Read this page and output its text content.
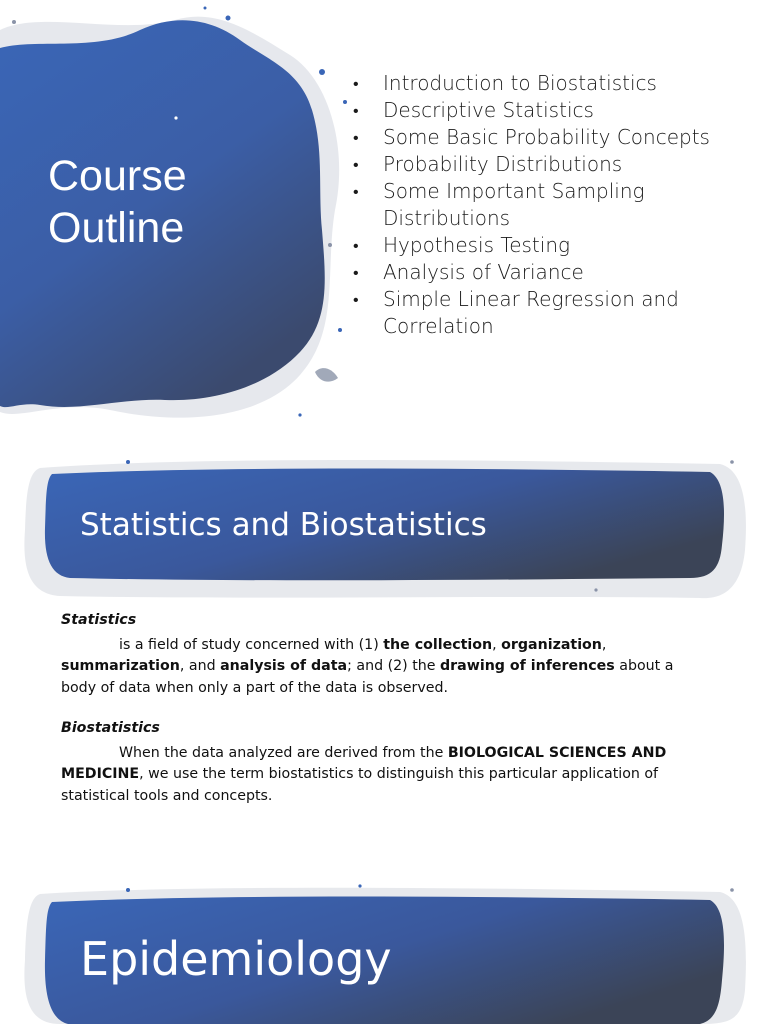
Course Outline
• Introduction to Biostatistics
• Descriptive Statistics
• Some Basic Probability Concepts
• Probability Distributions
• Some Important Sampling Distributions
• Hypothesis Testing
• Analysis of Variance
• Simple Linear Regression and Correlation
Statistics and Biostatistics
Statistics
is a field of study concerned with (1) the collection, organization, summarization, and analysis of data; and (2) the drawing of inferences about a body of data when only a part of the data is observed.
Biostatistics
When the data analyzed are derived from the BIOLOGICAL SCIENCES AND MEDICINE, we use the term biostatistics to distinguish this particular application of statistical tools and concepts.
Epidemiology
